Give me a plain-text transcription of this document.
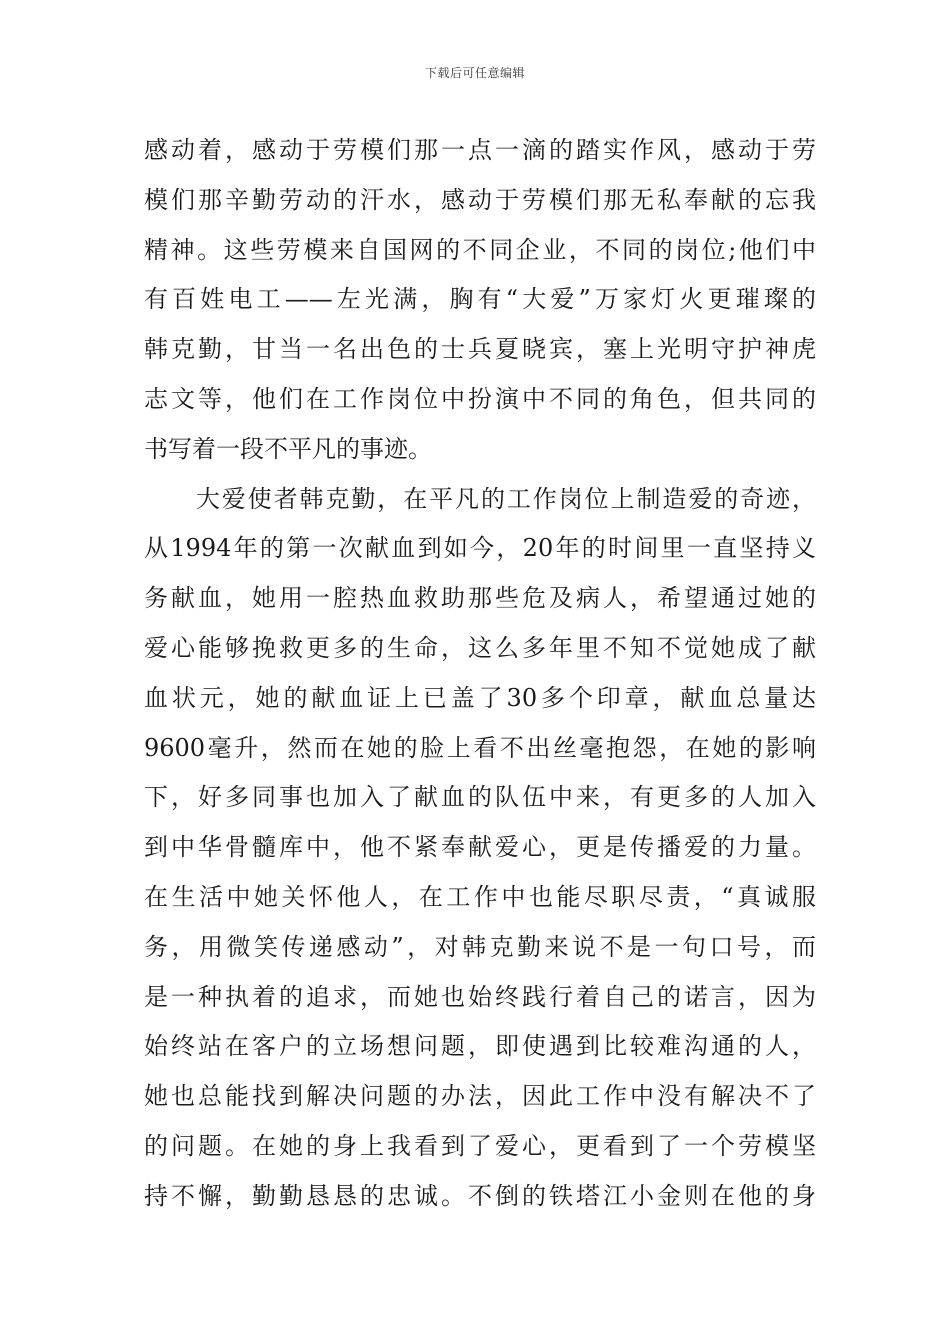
下载后可任意编辑
感动着，感动于劳模们那一点一滴的踏实作风，感动于劳
模们那辛勤劳动的汗水，感动于劳模们那无私奉献的忘我
精神。这些劳模来自国网的不同企业，不同的岗位;他们中
有百姓电工——左光满，胸有“大爱”万家灯火更璀璨的
韩克勤，甘当一名出色的士兵夏晓宾，塞上光明守护神虎
志文等，他们在工作岗位中扮演中不同的角色，但共同的
书写着一段不平凡的事迹。
　　大爱使者韩克勤，在平凡的工作岗位上制造爱的奇迹，
从1994年的第一次献血到如今，20年的时间里一直坚持义
务献血，她用一腔热血救助那些危及病人，希望通过她的
爱心能够挽救更多的生命，这么多年里不知不觉她成了献
血状元，她的献血证上已盖了30多个印章，献血总量达
9600毫升，然而在她的脸上看不出丝毫抱怨，在她的影响
下，好多同事也加入了献血的队伍中来，有更多的人加入
到中华骨髓库中，他不紧奉献爱心，更是传播爱的力量。
在生活中她关怀他人，在工作中也能尽职尽责，“真诚服
务，用微笑传递感动”，对韩克勤来说不是一句口号，而
是一种执着的追求，而她也始终践行着自己的诺言，因为
始终站在客户的立场想问题，即使遇到比较难沟通的人，
她也总能找到解决问题的办法，因此工作中没有解决不了
的问题。在她的身上我看到了爱心，更看到了一个劳模坚
持不懈，勤勤恳恳的忠诚。不倒的铁塔江小金则在他的身
